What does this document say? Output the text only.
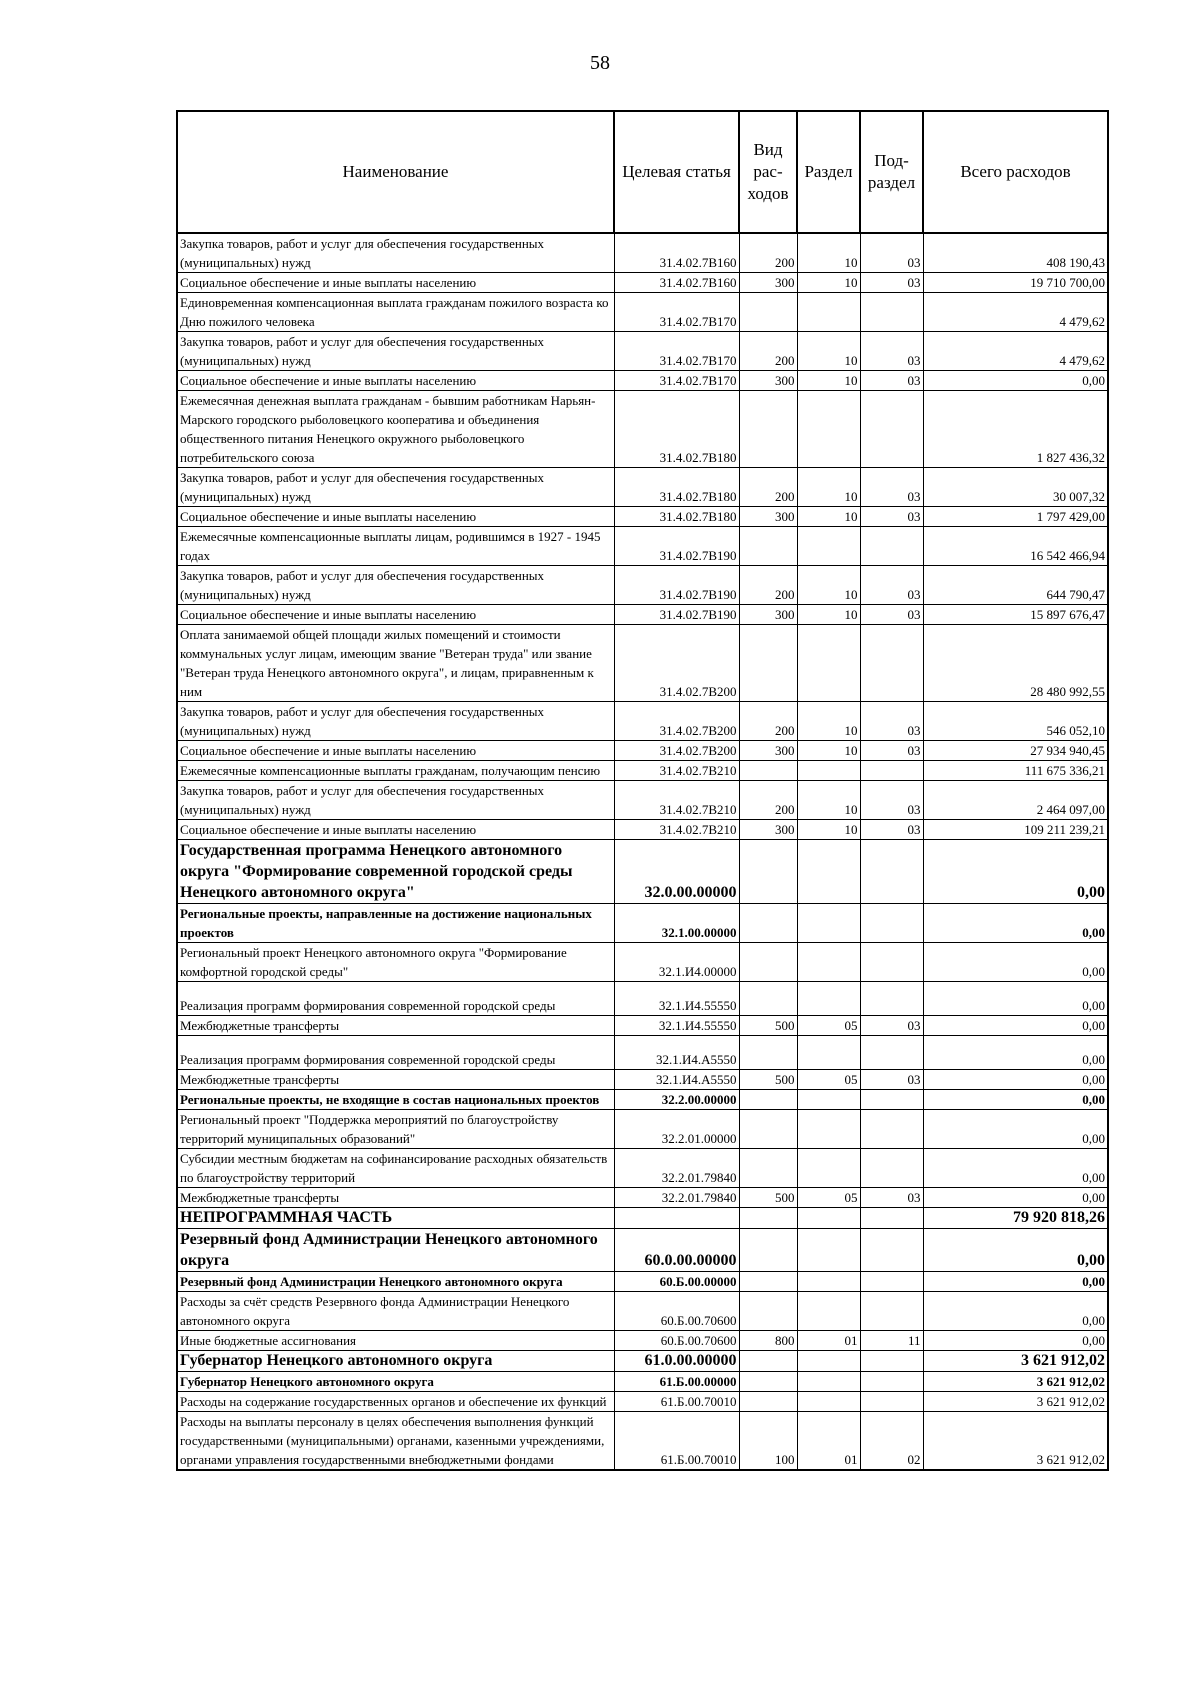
58
Наименование	Целевая статья	Вид рас-ходов	Раздел	Под-раздел	Всего расходов
Закупка товаров, работ и услуг для обеспечения государственных (муниципальных) нужд	31.4.02.7В160	200	10	03	408 190,43
Социальное обеспечение и иные выплаты населению	31.4.02.7В160	300	10	03	19 710 700,00
Единовременная компенсационная выплата гражданам пожилого возраста ко Дню пожилого человека	31.4.02.7В170				4 479,62
Закупка товаров, работ и услуг для обеспечения государственных (муниципальных) нужд	31.4.02.7В170	200	10	03	4 479,62
Социальное обеспечение и иные выплаты населению	31.4.02.7В170	300	10	03	0,00
Ежемесячная денежная выплата гражданам - бывшим работникам Нарьян-Марского городского рыболовецкого кооператива и объединения общественного питания Ненецкого окружного рыболовецкого потребительского союза	31.4.02.7В180				1 827 436,32
Закупка товаров, работ и услуг для обеспечения государственных (муниципальных) нужд	31.4.02.7В180	200	10	03	30 007,32
Социальное обеспечение и иные выплаты населению	31.4.02.7В180	300	10	03	1 797 429,00
Ежемесячные компенсационные выплаты лицам, родившимся в 1927 - 1945 годах	31.4.02.7В190				16 542 466,94
Закупка товаров, работ и услуг для обеспечения государственных (муниципальных) нужд	31.4.02.7В190	200	10	03	644 790,47
Социальное обеспечение и иные выплаты населению	31.4.02.7В190	300	10	03	15 897 676,47
Оплата занимаемой общей площади жилых помещений и стоимости коммунальных услуг лицам, имеющим звание "Ветеран труда" или звание "Ветеран труда Ненецкого автономного округа", и лицам, приравненным к ним	31.4.02.7В200				28 480 992,55
Закупка товаров, работ и услуг для обеспечения государственных (муниципальных) нужд	31.4.02.7В200	200	10	03	546 052,10
Социальное обеспечение и иные выплаты населению	31.4.02.7В200	300	10	03	27 934 940,45
Ежемесячные компенсационные выплаты гражданам, получающим пенсию	31.4.02.7В210				111 675 336,21
Закупка товаров, работ и услуг для обеспечения государственных (муниципальных) нужд	31.4.02.7В210	200	10	03	2 464 097,00
Социальное обеспечение и иные выплаты населению	31.4.02.7В210	300	10	03	109 211 239,21
Государственная программа Ненецкого автономного округа "Формирование современной городской среды Ненецкого автономного округа"	32.0.00.00000				0,00
Региональные проекты, направленные на достижение национальных проектов	32.1.00.00000				0,00
Региональный проект Ненецкого автономного округа "Формирование комфортной городской среды"	32.1.И4.00000				0,00
Реализация программ формирования современной городской среды	32.1.И4.55550				0,00
Межбюджетные трансферты	32.1.И4.55550	500	05	03	0,00
Реализация программ формирования современной городской среды	32.1.И4.А5550				0,00
Межбюджетные трансферты	32.1.И4.А5550	500	05	03	0,00
Региональные проекты, не входящие в состав национальных проектов	32.2.00.00000				0,00
Региональный проект "Поддержка мероприятий по благоустройству территорий муниципальных образований"	32.2.01.00000				0,00
Субсидии местным бюджетам на софинансирование расходных обязательств по благоустройству территорий	32.2.01.79840				0,00
Межбюджетные трансферты	32.2.01.79840	500	05	03	0,00
НЕПРОГРАММНАЯ ЧАСТЬ					79 920 818,26
Резервный фонд Администрации Ненецкого автономного округа	60.0.00.00000				0,00
Резервный фонд Администрации Ненецкого автономного округа	60.Б.00.00000				0,00
Расходы за счёт средств Резервного фонда Администрации Ненецкого автономного округа	60.Б.00.70600				0,00
Иные бюджетные ассигнования	60.Б.00.70600	800	01	11	0,00
Губернатор Ненецкого автономного округа	61.0.00.00000				3 621 912,02
Губернатор Ненецкого автономного округа	61.Б.00.00000				3 621 912,02
Расходы на содержание государственных органов и обеспечение их функций	61.Б.00.70010				3 621 912,02
Расходы на выплаты персоналу в целях обеспечения выполнения функций государственными (муниципальными) органами, казенными учреждениями, органами управления государственными внебюджетными фондами	61.Б.00.70010	100	01	02	3 621 912,02
